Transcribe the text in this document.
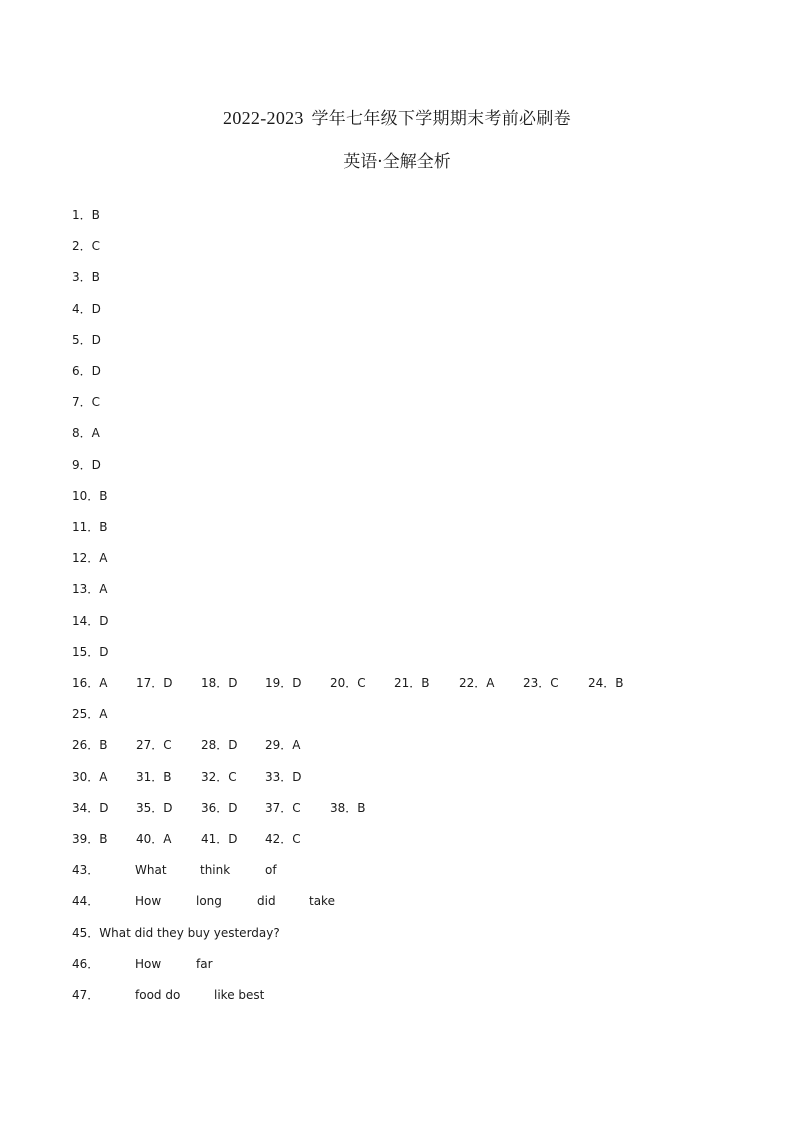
2022-2023 学年七年级下学期期末考前必刷卷
英语·全解全析
1．B
2．C
3．B
4．D
5．D
6．D
7．C
8．A
9．D
10．B
11．B
12．A
13．A
14．D
15．D
16．A 17．D 18．D 19．D 20．C 21．B 22．A 23．C 24．B
25．A
26．B 27．C 28．D 29．A
30．A 31．B 32．C 33．D
34．D 35．D 36．D 37．C 38．B
39．B 40．A 41．D 42．C
43．	What	think	of
44．	How	long	did	take
45．What did they buy yesterday?
46．	How	far
47．	food do	like best
